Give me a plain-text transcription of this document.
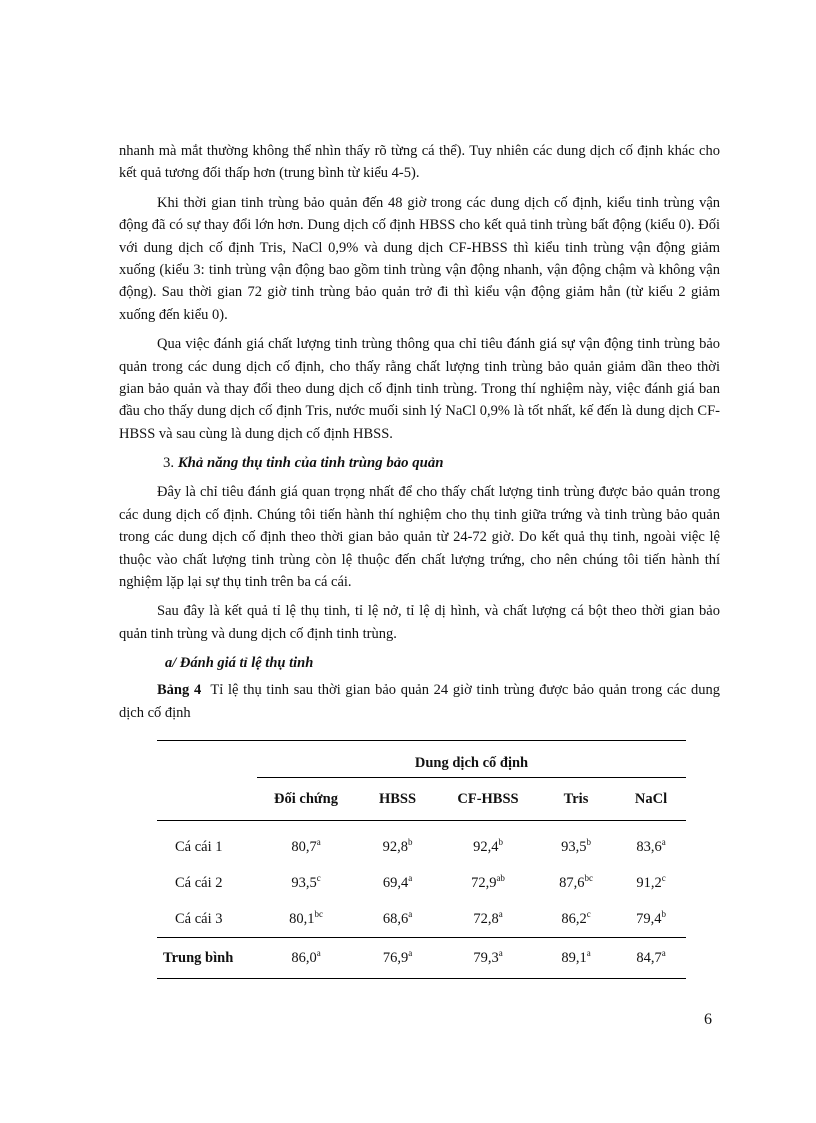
nhanh mà mắt thường không thể nhìn thấy rõ từng cá thể). Tuy nhiên các dung dịch cố định khác cho kết quả tương đối thấp hơn (trung bình từ kiểu 4-5).

Khi thời gian tinh trùng bảo quản đến 48 giờ trong các dung dịch cố định, kiểu tinh trùng vận động đã có sự thay đổi lớn hơn. Dung dịch cố định HBSS cho kết quả tinh trùng bất động (kiểu 0). Đối với dung dịch cố định Tris, NaCl 0,9% và dung dịch CF-HBSS thì kiểu tinh trùng vận động giảm xuống (kiểu 3: tinh trùng vận động bao gồm tinh trùng vận động nhanh, vận động chậm và không vận động). Sau thời gian 72 giờ tinh trùng bảo quản trở đi thì kiểu vận động giảm hẳn (từ kiểu 2 giảm xuống đến kiểu 0).

Qua việc đánh giá chất lượng tinh trùng thông qua chỉ tiêu đánh giá sự vận động tinh trùng bảo quản trong các dung dịch cố định, cho thấy rằng chất lượng tinh trùng bảo quản giảm dần theo thời gian bảo quản và thay đổi theo dung dịch cố định tinh trùng. Trong thí nghiệm này, việc đánh giá ban đầu cho thấy dung dịch cố định Tris, nước muối sinh lý NaCl 0,9% là tốt nhất, kế đến là dung dịch CF-HBSS và sau cùng là dung dịch cố định HBSS.

3. Khả năng thụ tinh của tinh trùng bảo quản

Đây là chỉ tiêu đánh giá quan trọng nhất để cho thấy chất lượng tinh trùng được bảo quản trong các dung dịch cố định. Chúng tôi tiến hành thí nghiệm cho thụ tinh giữa trứng và tinh trùng bảo quản trong các dung dịch cố định theo thời gian bảo quản từ 24-72 giờ. Do kết quả thụ tinh, ngoài việc lệ thuộc vào chất lượng tinh trùng còn lệ thuộc đến chất lượng trứng, cho nên chúng tôi tiến hành thí nghiệm lặp lại sự thụ tinh trên ba cá cái.

Sau đây là kết quả tỉ lệ thụ tinh, tỉ lệ nở, tỉ lệ dị hình, và chất lượng cá bột theo thời gian bảo quản tinh trùng và dung dịch cố định tinh trùng.

a/ Đánh giá tỉ lệ thụ tinh

Bảng 4 Tỉ lệ thụ tinh sau thời gian bảo quản 24 giờ tinh trùng được bảo quản trong các dung dịch cố định

	Dung dịch cố định				
	Đối chứng	HBSS	CF-HBSS	Tris	NaCl
Cá cái 1	80,7$^a$	92,8$^b$	92,4$^b$	93,5$^b$	83,6$^a$
Cá cái 2	93,5$^c$	69,4$^a$	72,9$^{ab}$	87,6$^{bc}$	91,2$^c$
Cá cái 3	80,1$^{bc}$	68,6$^a$	72,8$^a$	86,2$^c$	79,4$^b$
Trung bình	86,0$^a$	76,9$^a$	79,3$^a$	89,1$^a$	84,7$^a$
6
